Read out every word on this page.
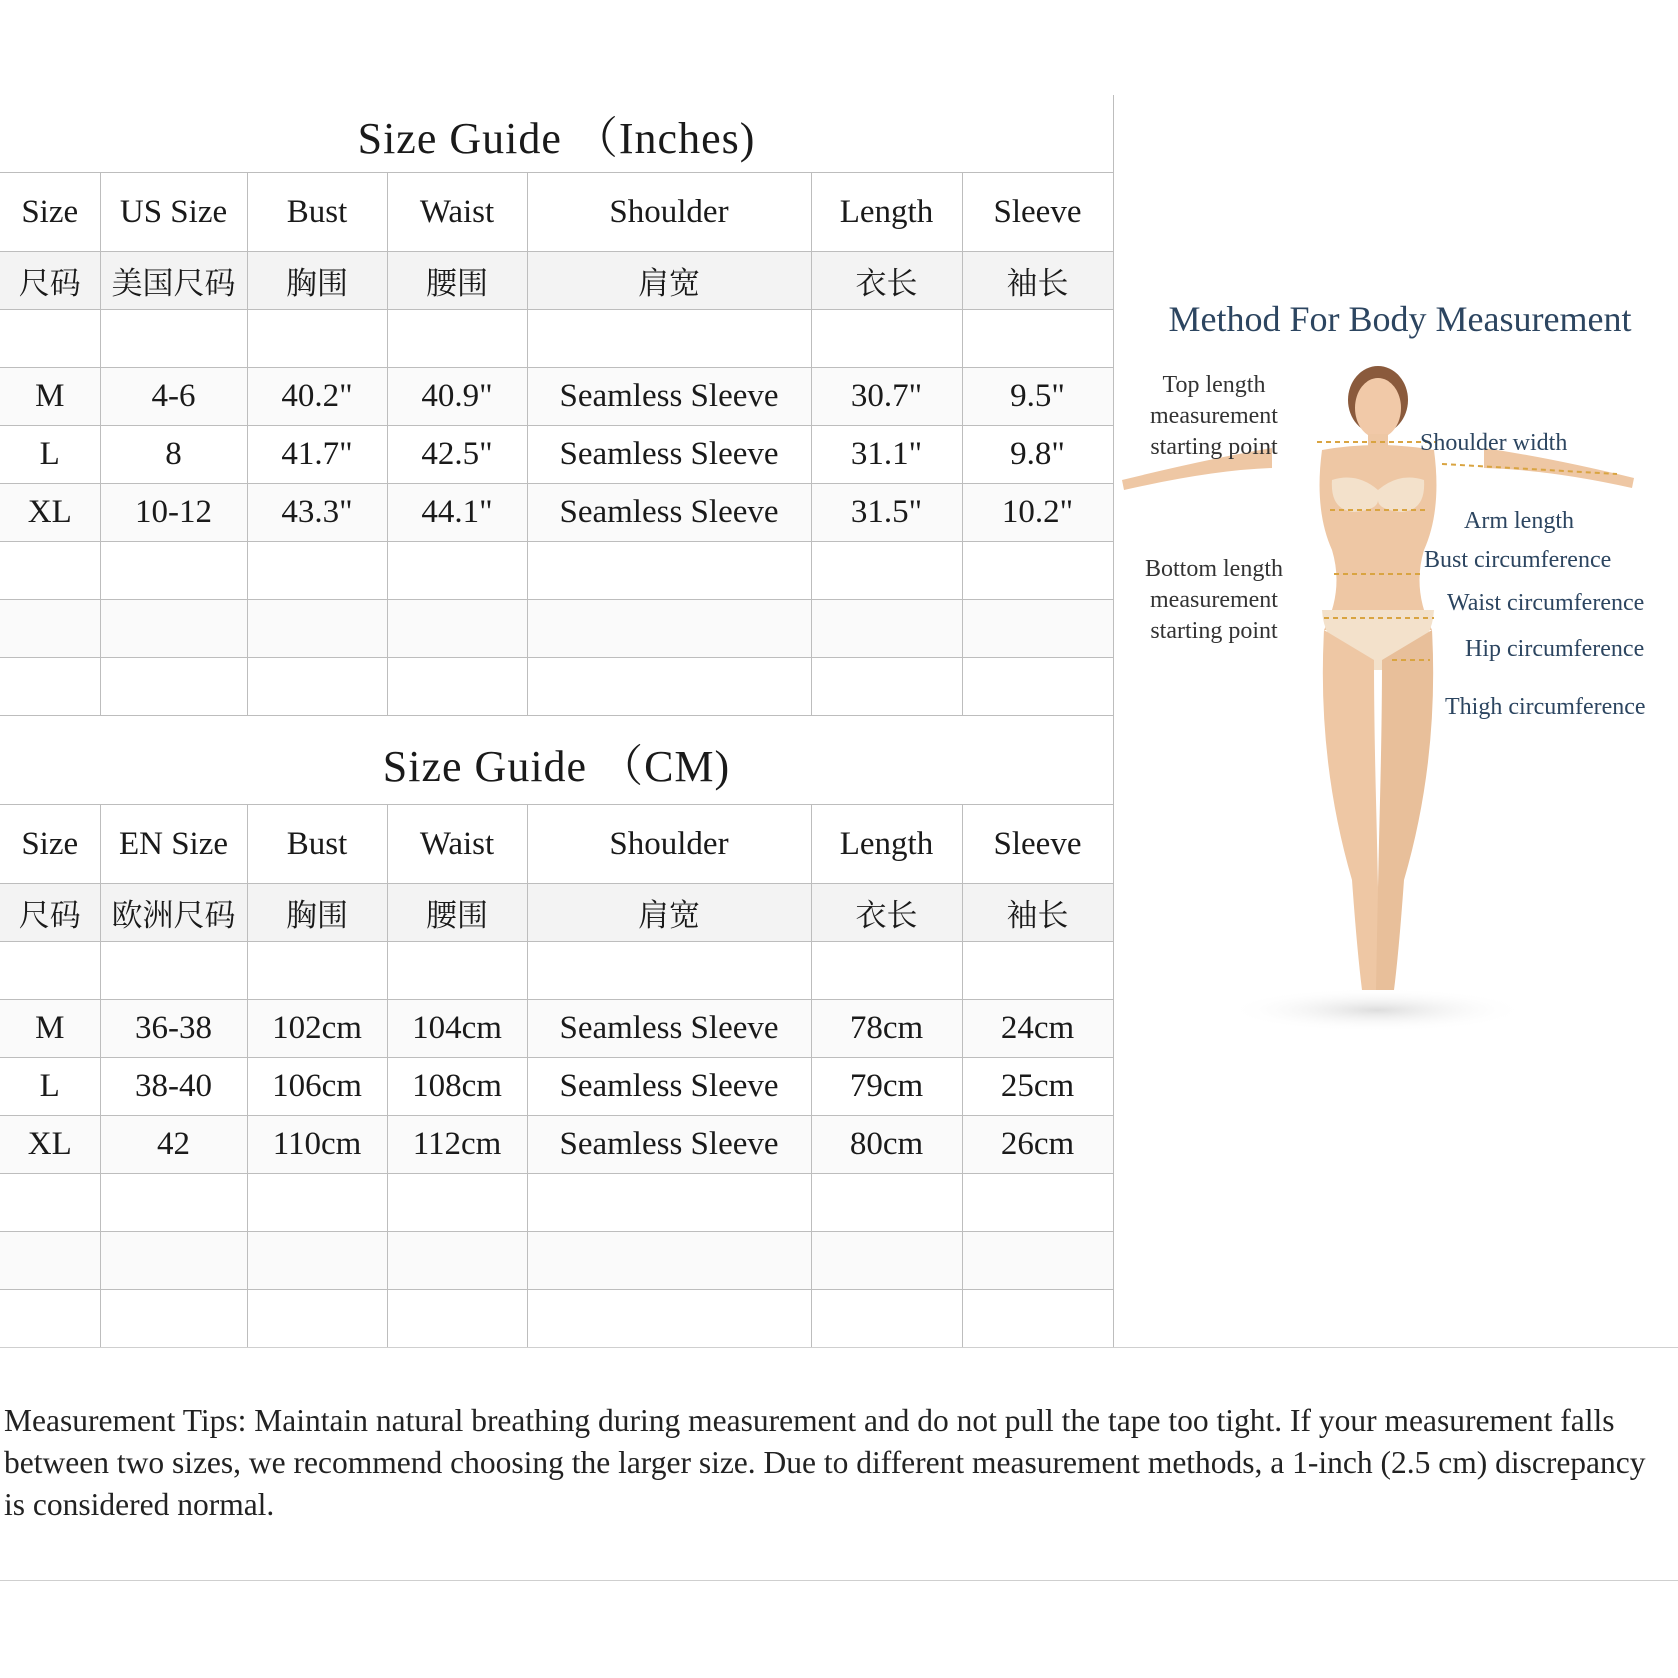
Size Guide （Inches)
Size	US Size	Bust	Waist	Shoulder	Length	Sleeve
尺码	美国尺码	胸围	腰围	肩宽	衣长	袖长

M	4-6	40.2"	40.9"	Seamless Sleeve	30.7"	9.5"
L	8	41.7"	42.5"	Seamless Sleeve	31.1"	9.8"
XL	10-12	43.3"	44.1"	Seamless Sleeve	31.5"	10.2"

Size Guide （CM)
Size	EN Size	Bust	Waist	Shoulder	Length	Sleeve
尺码	欧洲尺码	胸围	腰围	肩宽	衣长	袖长

M	36-38	102cm	104cm	Seamless Sleeve	78cm	24cm
L	38-40	106cm	108cm	Seamless Sleeve	79cm	25cm
XL	42	110cm	112cm	Seamless Sleeve	80cm	26cm

Method For Body Measurement
Top length
measurement
starting point	Shoulder width
Arm length
Bust circumference
Bottom length
measurement
starting point
Waist circumference
Hip circumference
Thigh circumference
Measurement Tips: Maintain natural breathing during measurement and do not pull the tape too tight. If your measurement falls between two sizes, we recommend choosing the larger size. Due to different measurement methods, a 1-inch (2.5 cm) discrepancy is considered normal.
